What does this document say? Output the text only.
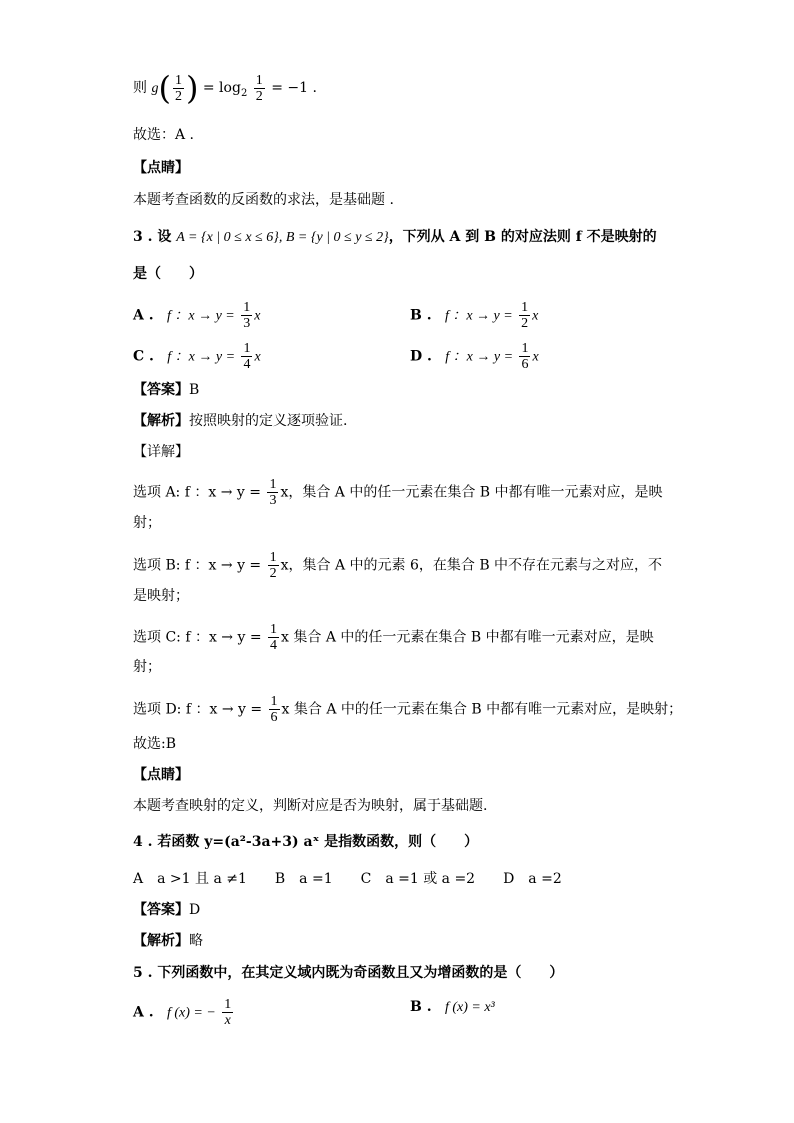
则 $g( \frac{1}{2}$ ) = $\log_2 \frac{1}{2} = -1$ .
故选：A .
【点睛】
本题考查函数的反函数的求法，是基础题 .
3 . 设 A = {x | 0 ≤ x ≤ 6}, B = {y | 0 ≤ y ≤ 2}，下列从 A 到 B 的对应法则 f 不是映射的
是（　　）
A . f ：$x \to y = \frac{1}{3}$ x	B . f ：$x \to y = \frac{1}{2}$ x
C . f ：$x \to y = \frac{1}{4}$ x	D . f ：$x \to y = \frac{1}{6}$ x
【答案】B
【解析】按照映射的定义逐项验证.
【详解】
选项 A: f ：$x \to y = \frac{1}{3}$ x，集合 A 中的任一元素在集合 B 中都有唯一元素对应，是映
射；
选项 B: f ：$x \to y = \frac{1}{2}$ x，集合 A 中的元素 6，在集合 B 中不存在元素与之对应，不
是映射；
选项 C: f ：$x \to y = \frac{1}{4}$ x 集合 A 中的任一元素在集合 B 中都有唯一元素对应，是映
射；
选项 D: f ：$x \to y = \frac{1}{6}$ x 集合 A 中的任一元素在集合 B 中都有唯一元素对应，是映射；
故选:B
【点睛】
本题考查映射的定义，判断对应是否为映射，属于基础题.
4 . 若函数 y=(a²-3a+3) aˣ 是指数函数，则（　　）
A　a >1 且 a ≠1　　B　a =1　　C　a =1 或 a =2　　D　a =2
【答案】D
【解析】略
5 . 下列函数中，在其定义域内既为奇函数且又为增函数的是（　　）
A . f (x) = − $\frac{1}{x}$	B . f (x) = x³
